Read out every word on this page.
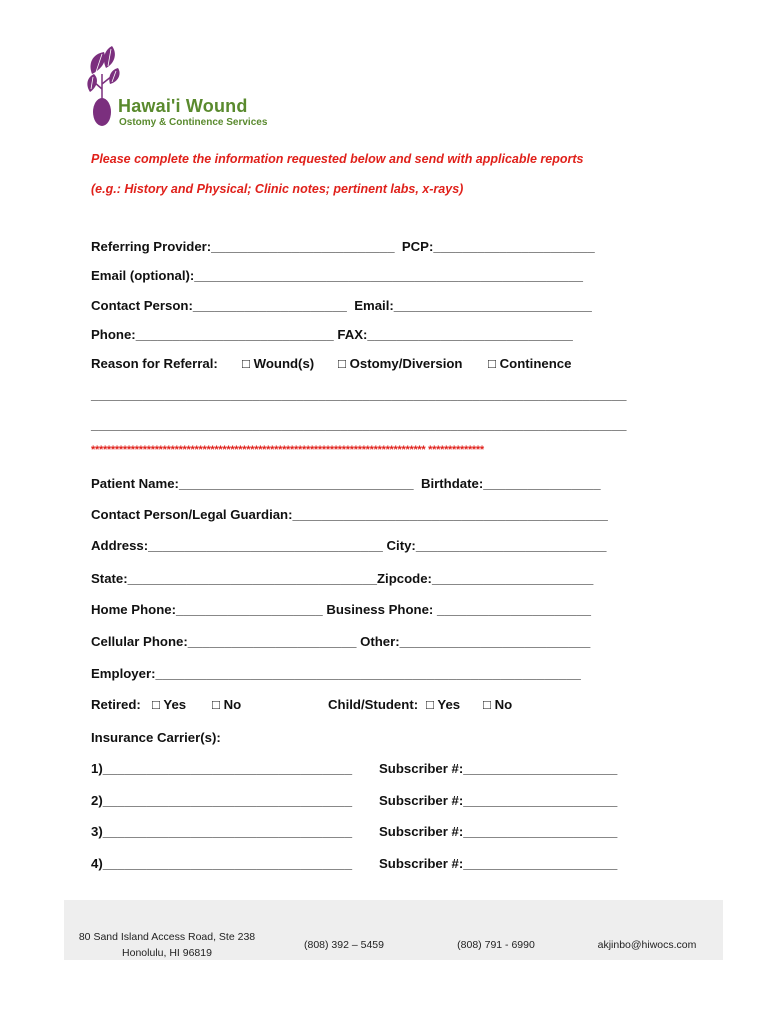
Hawai'i Wound
Ostomy & Continence Services
Please complete the information requested below and send with applicable reports
(e.g.: History and Physical; Clinic notes; pertinent labs, x-rays)
Referring Provider:_________________________  PCP:______________________
Email (optional):_____________________________________________________
Contact Person:_____________________  Email:___________________________
Phone:___________________________ FAX:____________________________
Reason for Referral: □ Wound(s) □ Ostomy/Diversion □ Continence
_________________________________________________________________________
_________________________________________________________________________
************************************************************************************ **************
Patient Name:________________________________  Birthdate:________________
Contact Person/Legal Guardian:___________________________________________
Address:________________________________ City:__________________________
State:__________________________________Zipcode:______________________
Home Phone:____________________ Business Phone: _____________________
Cellular Phone:_______________________ Other:__________________________
Employer:__________________________________________________________
Retired: □ Yes □ No	Child/Student: □ Yes □ No
Insurance Carrier(s):
1)__________________________________ Subscriber #:_____________________
2)__________________________________ Subscriber #:_____________________
3)__________________________________ Subscriber #:_____________________
4)__________________________________ Subscriber #:_____________________
80 Sand Island Access Road, Ste 238
Honolulu, HI 96819
(808) 392 – 5459	(808) 791 - 6990	akjinbo@hiwocs.com
